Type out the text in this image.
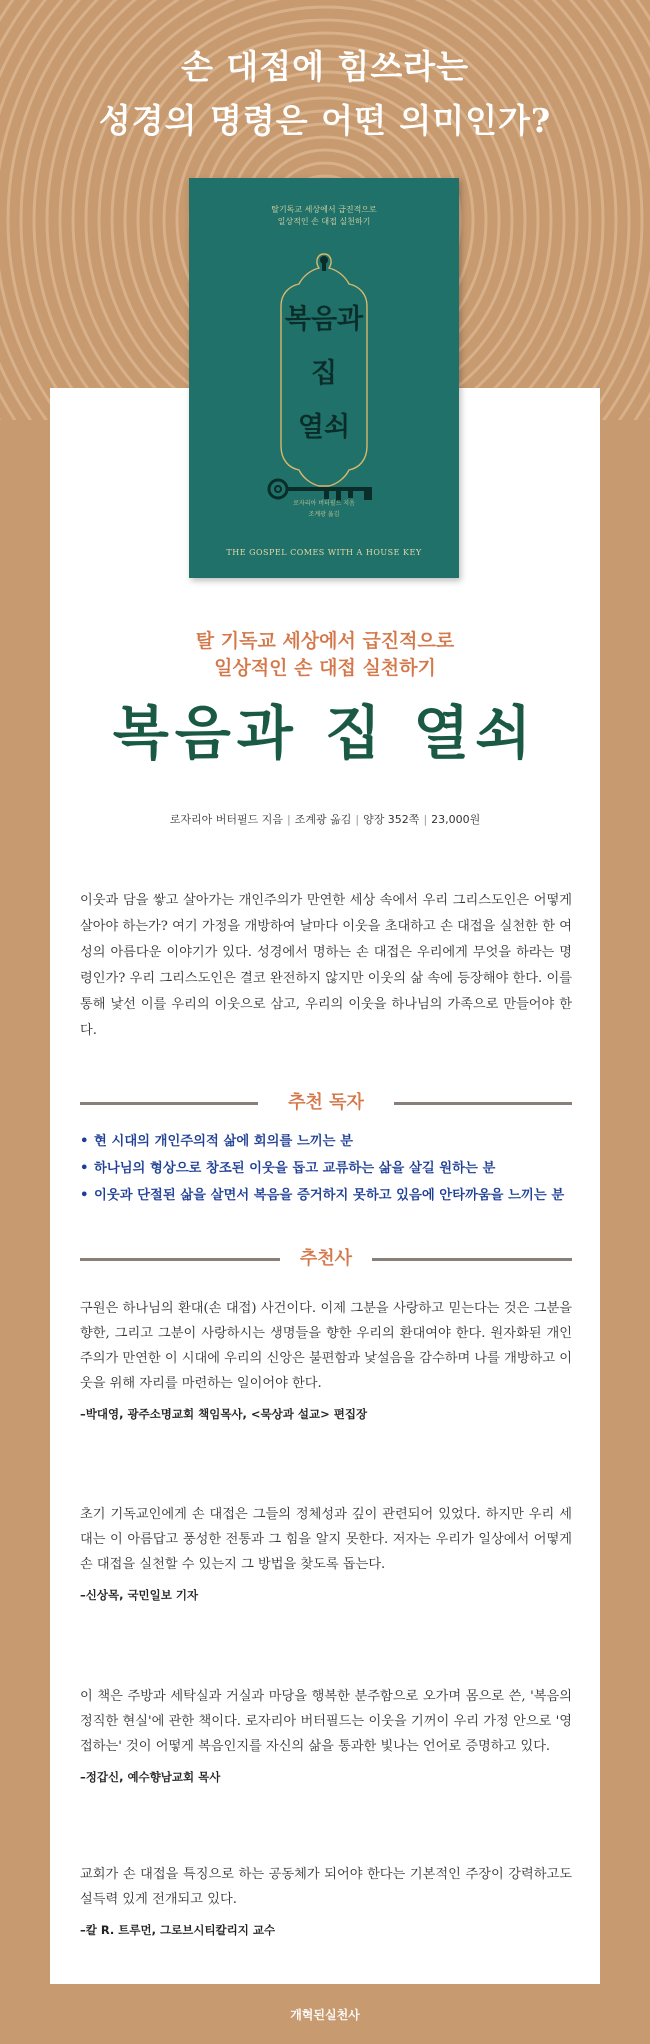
손 대접에 힘쓰라는
성경의 명령은 어떤 의미인가?
탈기독교 세상에서 급진적으로
일상적인 손 대접 실천하기
복음과
집
열쇠
로자리아 버터필드 지음
조계광 옮김
THE GOSPEL COMES WITH A HOUSE KEY
탈 기독교 세상에서 급진적으로
일상적인 손 대접 실천하기
복음과 집 열쇠
로자리아 버터필드 지음 | 조계광 옮김 | 양장 352쪽 | 23,000원

이웃과 담을 쌓고 살아가는 개인주의가 만연한 세상 속에서 우리 그리스도인은 어떻게 살아야 하는가? 여기 가정을 개방하여 날마다 이웃을 초대하고 손 대접을 실천한 한 여성의 아름다운 이야기가 있다. 성경에서 명하는 손 대접은 우리에게 무엇을 하라는 명령인가? 우리 그리스도인은 결코 완전하지 않지만 이웃의 삶 속에 등장해야 한다. 이를 통해 낯선 이를 우리의 이웃으로 삼고, 우리의 이웃을 하나님의 가족으로 만들어야 한다.

추천 독자
• 현 시대의 개인주의적 삶에 회의를 느끼는 분
• 하나님의 형상으로 창조된 이웃을 돕고 교류하는 삶을 살길 원하는 분
• 이웃과 단절된 삶을 살면서 복음을 증거하지 못하고 있음에 안타까움을 느끼는 분
추천사

구원은 하나님의 환대(손 대접) 사건이다. 이제 그분을 사랑하고 믿는다는 것은 그분을 향한, 그리고 그분이 사랑하시는 생명들을 향한 우리의 환대여야 한다. 원자화된 개인주의가 만연한 이 시대에 우리의 신앙은 불편함과 낯설음을 감수하며 나를 개방하고 이웃을 위해 자리를 마련하는 일이어야 한다.

–박대영, 광주소명교회 책임목사, <묵상과 설교> 편집장

초기 기독교인에게 손 대접은 그들의 정체성과 깊이 관련되어 있었다. 하지만 우리 세대는 이 아름답고 풍성한 전통과 그 힘을 알지 못한다. 저자는 우리가 일상에서 어떻게 손 대접을 실천할 수 있는지 그 방법을 찾도록 돕는다.

–신상목, 국민일보 기자

이 책은 주방과 세탁실과 거실과 마당을 행복한 분주함으로 오가며 몸으로 쓴, '복음의 정직한 현실'에 관한 책이다. 로자리아 버터필드는 이웃을 기꺼이 우리 가정 안으로 '영접하는' 것이 어떻게 복음인지를 자신의 삶을 통과한 빛나는 언어로 증명하고 있다.

–정갑신, 예수향남교회 목사

교회가 손 대접을 특징으로 하는 공동체가 되어야 한다는 기본적인 주장이 강력하고도 설득력 있게 전개되고 있다.

–칼 R. 트루먼, 그로브시티칼리지 교수
개혁된실천사
